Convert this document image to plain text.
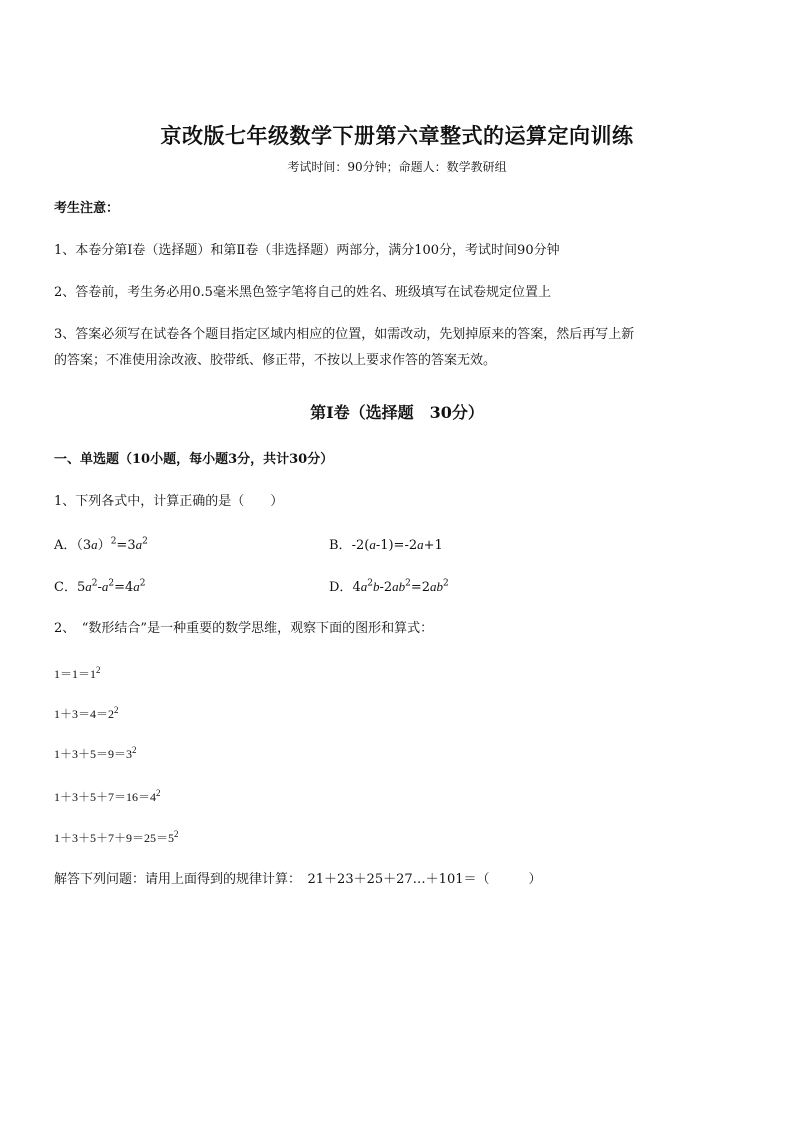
京改版七年级数学下册第六章整式的运算定向训练
考试时间：90分钟；命题人：数学教研组
考生注意：
1、本卷分第Ⅰ卷（选择题）和第Ⅱ卷（非选择题）两部分，满分100分，考试时间90分钟
2、答卷前，考生务必用0.5毫米黑色签字笔将自己的姓名、班级填写在试卷规定位置上
3、答案必须写在试卷各个题目指定区域内相应的位置，如需改动，先划掉原来的答案，然后再写上新
的答案；不准使用涂改液、胶带纸、修正带，不按以上要求作答的答案无效。
第Ⅰ卷（选择题　30分）
一、单选题（10小题，每小题3分，共计30分）
1、下列各式中，计算正确的是（　　）
A．$(3a)^2=3a^2$	B．-2(a-1)=-2a+1
C．$5a^2-a^2=4a^2$	D．$4a^2b-2ab^2=2ab^2$
2、　“数形结合”是一种重要的数学思维，观察下面的图形和算式：
$1=1=1^2$
$1+3=4=2^2$
$1+3+5=9=3^2$
$1+3+5+7=16=4^2$
$1+3+5+7+9=25=5^2$
解答下列问题：请用上面得到的规律计算：　21＋23＋25＋27…＋101＝（　　　）
